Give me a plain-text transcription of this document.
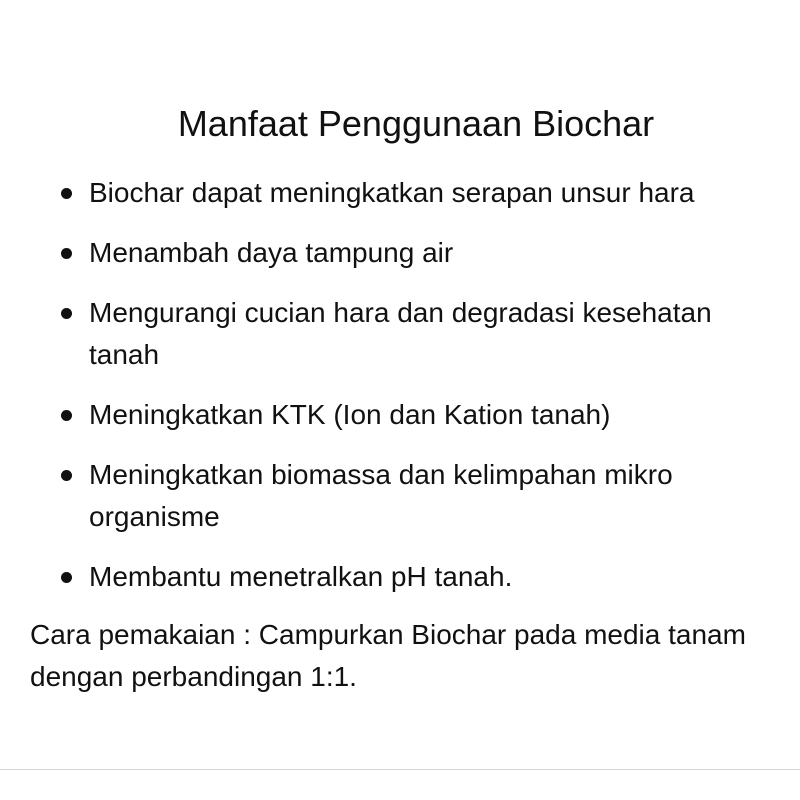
Manfaat Penggunaan Biochar
Biochar dapat meningkatkan serapan unsur hara
Menambah daya tampung air
Mengurangi cucian hara dan degradasi kesehatan tanah
Meningkatkan KTK (Ion dan Kation tanah)
Meningkatkan biomassa dan kelimpahan mikro organisme
Membantu menetralkan pH tanah.

Cara pemakaian : Campurkan Biochar pada media tanam dengan perbandingan 1:1.
